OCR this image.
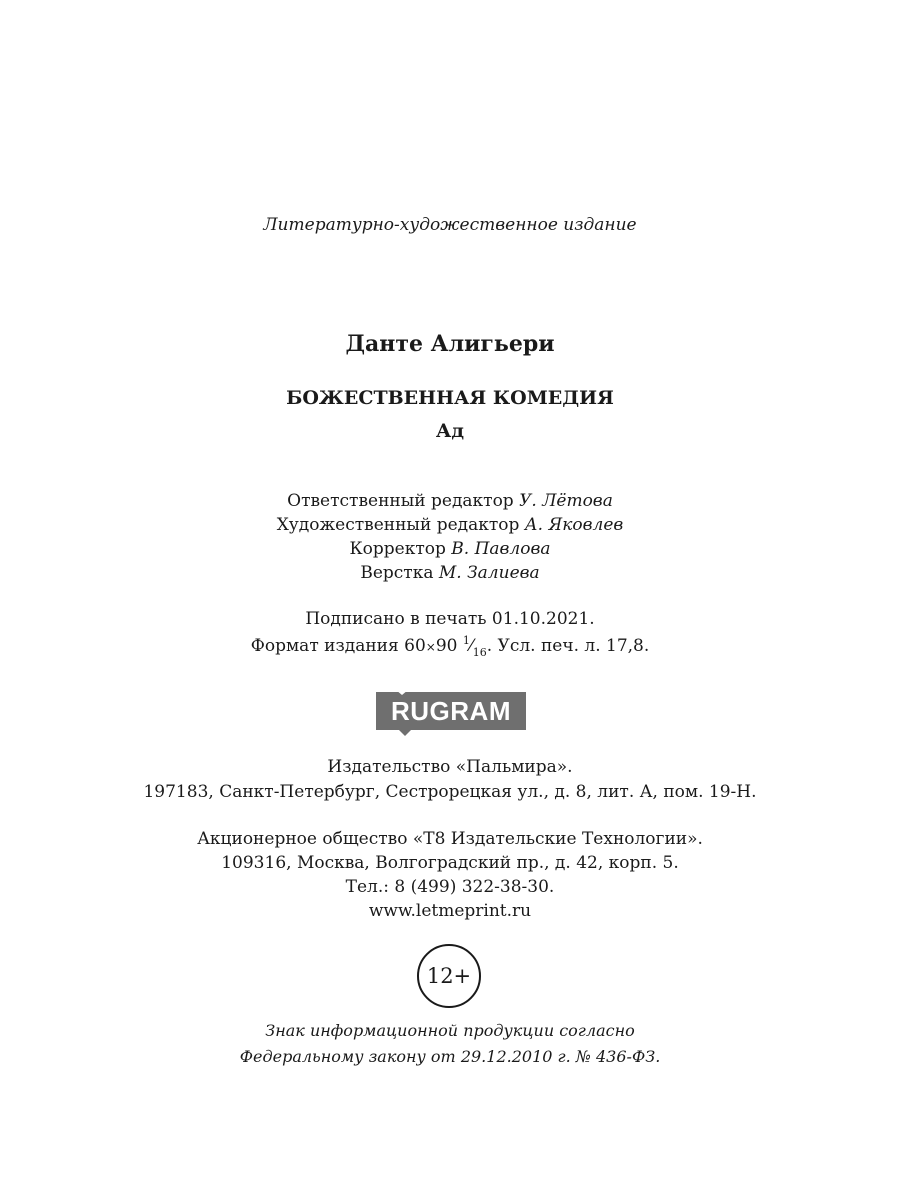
Литературно-художественное издание
Данте Алигьери
БОЖЕСТВЕННАЯ КОМЕДИЯ
Ад
Ответственный редактор У. Лётова
Художественный редактор А. Яковлев
Корректор В. Павлова
Верстка М. Залиева
Подписано в печать 01.10.2021.
Формат издания 60×90 $^1⁄_{16}$. Усл. печ. л. 17,8.
RUGRAM
Издательство «Пальмира».
197183, Санкт-Петербург, Сестрорецкая ул., д. 8, лит. А, пом. 19-Н.
Акционерное общество «Т8 Издательские Технологии».
109316, Москва, Волгоградский пр., д. 42, корп. 5.
Тел.: 8 (499) 322-38-30.
www.letmeprint.ru
12+
Знак информационной продукции согласно
Федеральному закону от 29.12.2010 г. № 436-ФЗ.
